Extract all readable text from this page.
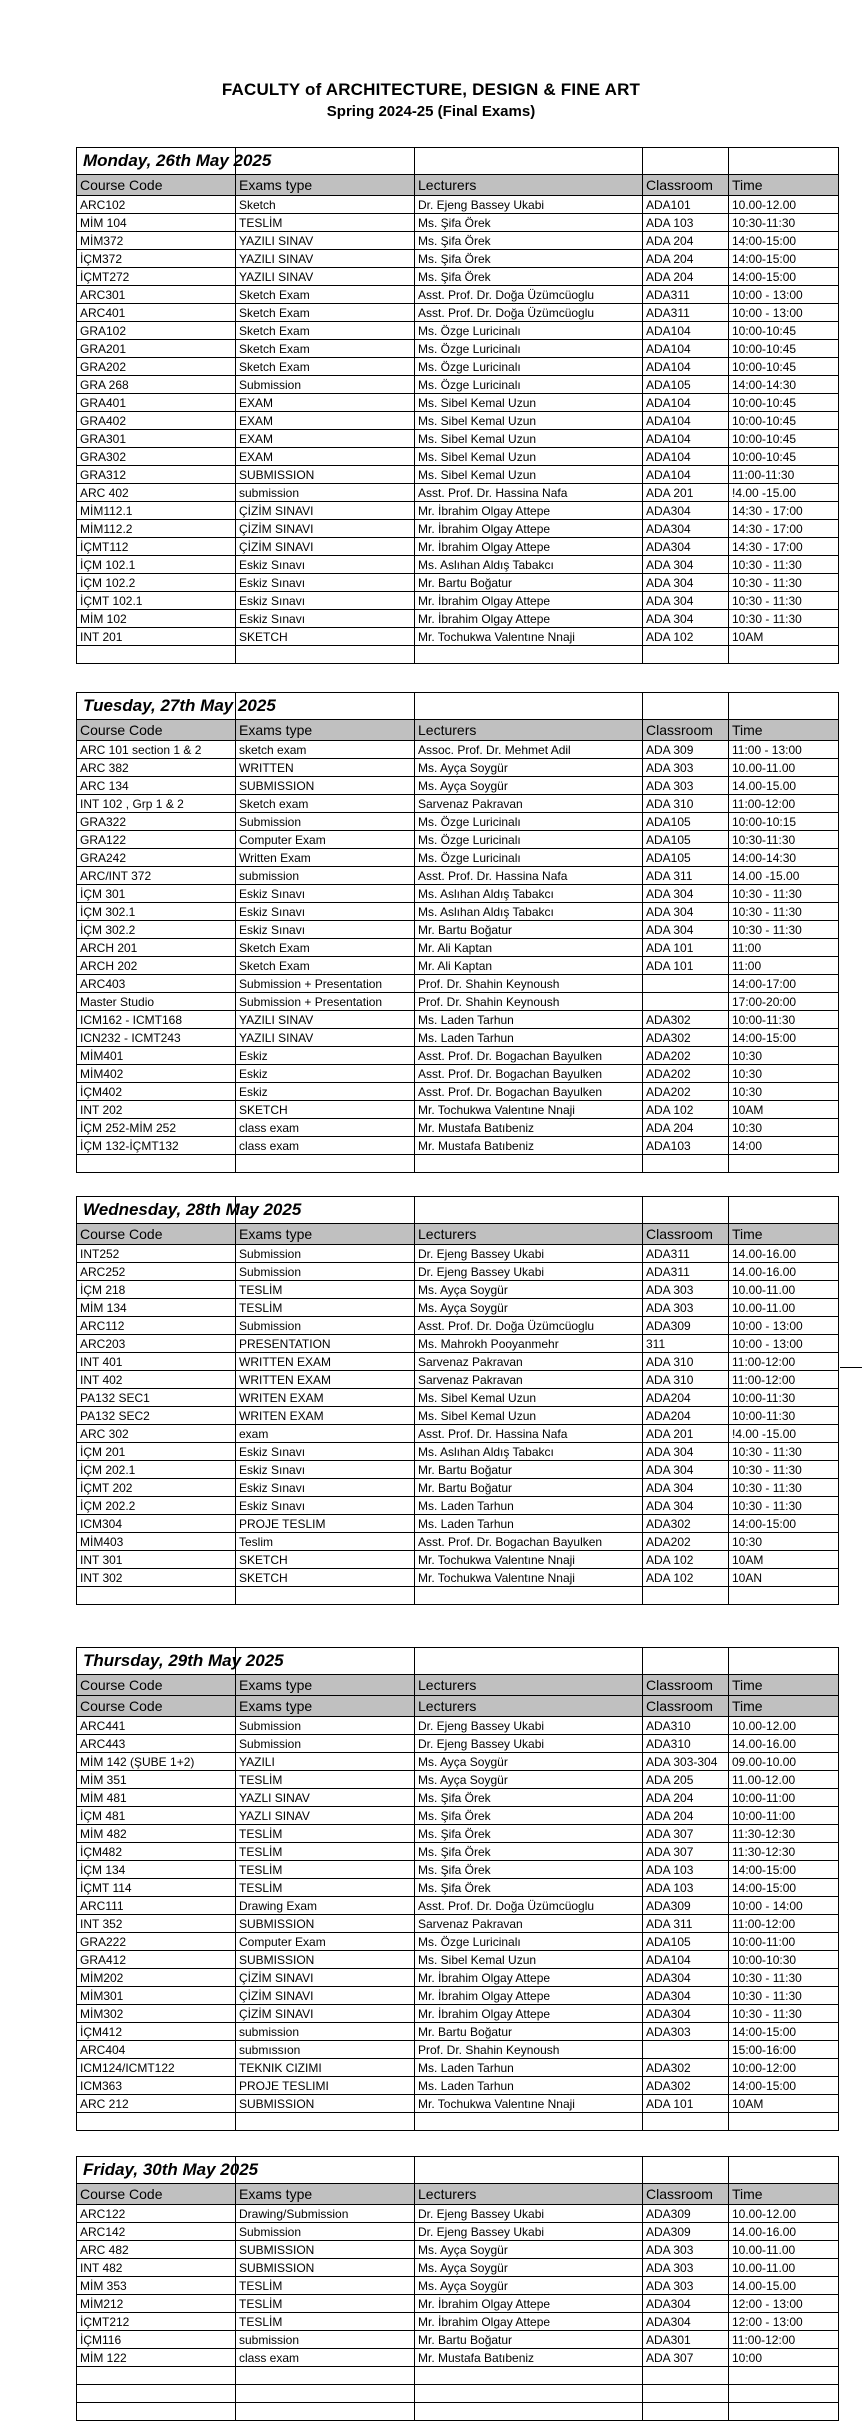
FACULTY of ARCHITECTURE, DESIGN & FINE ART
Spring 2024-25 (Final Exams)
Monday, 26th May 2025				
Course Code	Exams type	Lecturers	Classroom	Time
ARC102	Sketch	Dr. Ejeng Bassey Ukabi	ADA101	10.00-12.00
MİM 104	TESLİM	Ms. Şifa Örek	ADA 103	10:30-11:30
MİM372	YAZILI SINAV	Ms. Şifa Örek	ADA 204	14:00-15:00
İÇM372	YAZILI SINAV	Ms. Şifa Örek	ADA 204	14:00-15:00
İÇMT272	YAZILI SINAV	Ms. Şifa Örek	ADA 204	14:00-15:00
ARC301	Sketch Exam	Asst. Prof. Dr. Doğa Üzümcüoglu	ADA311	10:00 - 13:00
ARC401	Sketch Exam	Asst. Prof. Dr. Doğa Üzümcüoglu	ADA311	10:00 - 13:00
GRA102	Sketch Exam	Ms. Özge Luricinalı	ADA104	10:00-10:45
GRA201	Sketch Exam	Ms. Özge Luricinalı	ADA104	10:00-10:45
GRA202	Sketch Exam	Ms. Özge Luricinalı	ADA104	10:00-10:45
GRA 268	Submission	Ms. Özge Luricinalı	ADA105	14:00-14:30
GRA401	EXAM	Ms. Sibel Kemal Uzun	ADA104	10:00-10:45
GRA402	EXAM	Ms. Sibel Kemal Uzun	ADA104	10:00-10:45
GRA301	EXAM	Ms. Sibel Kemal Uzun	ADA104	10:00-10:45
GRA302	EXAM	Ms. Sibel Kemal Uzun	ADA104	10:00-10:45
GRA312	SUBMISSION	Ms. Sibel Kemal Uzun	ADA104	11:00-11:30
ARC 402	submission	Asst. Prof. Dr. Hassina Nafa	ADA 201	!4.00 -15.00
MİM112.1	ÇİZİM SINAVI	Mr. İbrahim Olgay Attepe	ADA304	14:30 - 17:00
MİM112.2	ÇİZİM SINAVI	Mr. İbrahim Olgay Attepe	ADA304	14:30 - 17:00
İÇMT112	ÇİZİM SINAVI	Mr. İbrahim Olgay Attepe	ADA304	14:30 - 17:00
İÇM 102.1	Eskiz Sınavı	Ms. Aslıhan Aldış Tabakcı	ADA 304	10:30 - 11:30
İÇM 102.2	Eskiz Sınavı	Mr. Bartu Boğatur	ADA 304	10:30 - 11:30
İÇMT 102.1	Eskiz Sınavı	Mr. İbrahim Olgay Attepe	ADA 304	10:30 - 11:30
MİM 102	Eskiz Sınavı	Mr. İbrahim Olgay Attepe	ADA 304	10:30 - 11:30
INT 201	SKETCH	Mr. Tochukwa Valentıne Nnaji	ADA 102	10AM

Tuesday, 27th May 2025				
Course Code	Exams type	Lecturers	Classroom	Time
ARC 101 section 1 & 2	sketch exam	Assoc. Prof. Dr. Mehmet Adil	ADA 309	11:00 - 13:00
ARC 382	WRITTEN	Ms. Ayça Soygür	ADA 303	10.00-11.00
ARC 134	SUBMISSION	Ms. Ayça Soygür	ADA 303	14.00-15.00
INT 102 , Grp 1 & 2	Sketch exam	Sarvenaz Pakravan	ADA 310	11:00-12:00
GRA322	Submission	Ms. Özge Luricinalı	ADA105	10:00-10:15
GRA122	Computer Exam	Ms. Özge Luricinalı	ADA105	10:30-11:30
GRA242	Written Exam	Ms. Özge Luricinalı	ADA105	14:00-14:30
ARC/INT 372	submission	Asst. Prof. Dr. Hassina Nafa	ADA 311	14.00 -15.00
İÇM 301	Eskiz Sınavı	Ms. Aslıhan Aldış Tabakcı	ADA 304	10:30 - 11:30
İÇM 302.1	Eskiz Sınavı	Ms. Aslıhan Aldış Tabakcı	ADA 304	10:30 - 11:30
İÇM 302.2	Eskiz Sınavı	Mr. Bartu Boğatur	ADA 304	10:30 - 11:30
ARCH 201	Sketch Exam	Mr. Ali Kaptan	ADA 101	11:00
ARCH 202	Sketch Exam	Mr. Ali Kaptan	ADA 101	11:00
ARC403	Submission + Presentation	Prof. Dr. Shahin Keynoush		14:00-17:00
Master Studio	Submission + Presentation	Prof. Dr. Shahin Keynoush		17:00-20:00
ICM162 - ICMT168	YAZILI SINAV	Ms. Laden Tarhun	ADA302	10:00-11:30
ICN232 - ICMT243	YAZILI SINAV	Ms. Laden Tarhun	ADA302	14:00-15:00
MİM401	Eskiz	Asst. Prof. Dr. Bogachan Bayulken	ADA202	10:30
MİM402	Eskiz	Asst. Prof. Dr. Bogachan Bayulken	ADA202	10:30
İÇM402	Eskiz	Asst. Prof. Dr. Bogachan Bayulken	ADA202	10:30
INT 202	SKETCH	Mr. Tochukwa Valentıne Nnaji	ADA 102	10AM
İÇM 252-MİM 252	class exam	Mr. Mustafa Batıbeniz	ADA 204	10:30
İÇM 132-İÇMT132	class exam	Mr. Mustafa Batıbeniz	ADA103	14:00

Wednesday, 28th May 2025				
Course Code	Exams type	Lecturers	Classroom	Time
INT252	Submission	Dr. Ejeng Bassey Ukabi	ADA311	14.00-16.00
ARC252	Submission	Dr. Ejeng Bassey Ukabi	ADA311	14.00-16.00
İÇM 218	TESLİM	Ms. Ayça Soygür	ADA 303	10.00-11.00
MİM 134	TESLİM	Ms. Ayça Soygür	ADA 303	10.00-11.00
ARC112	Submission	Asst. Prof. Dr. Doğa Üzümcüoglu	ADA309	10:00 - 13:00
ARC203	PRESENTATION	Ms. Mahrokh Pooyanmehr	311	10:00 - 13:00
INT 401	WRITTEN EXAM	Sarvenaz Pakravan	ADA 310	11:00-12:00
INT 402	WRITTEN EXAM	Sarvenaz Pakravan	ADA 310	11:00-12:00
PA132 SEC1	WRITEN EXAM	Ms. Sibel Kemal Uzun	ADA204	10:00-11:30
PA132 SEC2	WRITEN EXAM	Ms. Sibel Kemal Uzun	ADA204	10:00-11:30
ARC 302	exam	Asst. Prof. Dr. Hassina Nafa	ADA 201	!4.00 -15.00
İÇM 201	Eskiz Sınavı	Ms. Aslıhan Aldış Tabakcı	ADA 304	10:30 - 11:30
İÇM 202.1	Eskiz Sınavı	Mr. Bartu Boğatur	ADA 304	10:30 - 11:30
İÇMT 202	Eskiz Sınavı	Mr. Bartu Boğatur	ADA 304	10:30 - 11:30
İÇM 202.2	Eskiz Sınavı	Ms. Laden Tarhun	ADA 304	10:30 - 11:30
ICM304	PROJE TESLIM	Ms. Laden Tarhun	ADA302	14:00-15:00
MİM403	Teslim	Asst. Prof. Dr. Bogachan Bayulken	ADA202	10:30
INT 301	SKETCH	Mr. Tochukwa Valentıne Nnaji	ADA 102	10AM
INT 302	SKETCH	Mr. Tochukwa Valentıne Nnaji	ADA 102	10AN

Thursday, 29th May 2025				
Course Code	Exams type	Lecturers	Classroom	Time
Course Code	Exams type	Lecturers	Classroom	Time
ARC441	Submission	Dr. Ejeng Bassey Ukabi	ADA310	10.00-12.00
ARC443	Submission	Dr. Ejeng Bassey Ukabi	ADA310	14.00-16.00
MİM 142 (ŞUBE 1+2)	YAZILI	Ms. Ayça Soygür	ADA 303-304	09.00-10.00
MİM 351	TESLİM	Ms. Ayça Soygür	ADA 205	11.00-12.00
MİM 481	YAZLI SINAV	Ms. Şifa Örek	ADA 204	10:00-11:00
İÇM 481	YAZLI SINAV	Ms. Şifa Örek	ADA 204	10:00-11:00
MİM 482	TESLİM	Ms. Şifa Örek	ADA 307	11:30-12:30
İÇM482	TESLİM	Ms. Şifa Örek	ADA 307	11:30-12:30
İÇM 134	TESLİM	Ms. Şifa Örek	ADA 103	14:00-15:00
İÇMT 114	TESLİM	Ms. Şifa Örek	ADA 103	14:00-15:00
ARC111	Drawing Exam	Asst. Prof. Dr. Doğa Üzümcüoglu	ADA309	10:00 - 14:00
INT 352	SUBMISSION	Sarvenaz Pakravan	ADA 311	11:00-12:00
GRA222	Computer Exam	Ms. Özge Luricinalı	ADA105	10:00-11:00
GRA412	SUBMISSION	Ms. Sibel Kemal Uzun	ADA104	10:00-10:30
MİM202	ÇİZİM SINAVI	Mr. İbrahim Olgay Attepe	ADA304	10:30 - 11:30
MİM301	ÇİZİM SINAVI	Mr. İbrahim Olgay Attepe	ADA304	10:30 - 11:30
MİM302	ÇİZİM SINAVI	Mr. İbrahim Olgay Attepe	ADA304	10:30 - 11:30
İÇM412	submission	Mr. Bartu Boğatur	ADA303	14:00-15:00
ARC404	submıssıon	Prof. Dr. Shahin Keynoush		15:00-16:00
ICM124/ICMT122	TEKNIK CIZIMI	Ms. Laden Tarhun	ADA302	10:00-12:00
ICM363	PROJE TESLIMI	Ms. Laden Tarhun	ADA302	14:00-15:00
ARC 212	SUBMISSION	Mr. Tochukwa Valentıne Nnaji	ADA 101	10AM

Friday, 30th May 2025				
Course Code	Exams type	Lecturers	Classroom	Time
ARC122	Drawing/Submission	Dr. Ejeng Bassey Ukabi	ADA309	10.00-12.00
ARC142	Submission	Dr. Ejeng Bassey Ukabi	ADA309	14.00-16.00
ARC 482	SUBMISSION	Ms. Ayça Soygür	ADA 303	10.00-11.00
INT 482	SUBMISSION	Ms. Ayça Soygür	ADA 303	10.00-11.00
MİM 353	TESLİM	Ms. Ayça Soygür	ADA 303	14.00-15.00
MİM212	TESLİM	Mr. İbrahim Olgay Attepe	ADA304	12:00 - 13:00
İÇMT212	TESLİM	Mr. İbrahim Olgay Attepe	ADA304	12:00 - 13:00
İÇM116	submission	Mr. Bartu Boğatur	ADA301	11:00-12:00
MİM 122	class exam	Mr. Mustafa Batıbeniz	ADA 307	10:00
